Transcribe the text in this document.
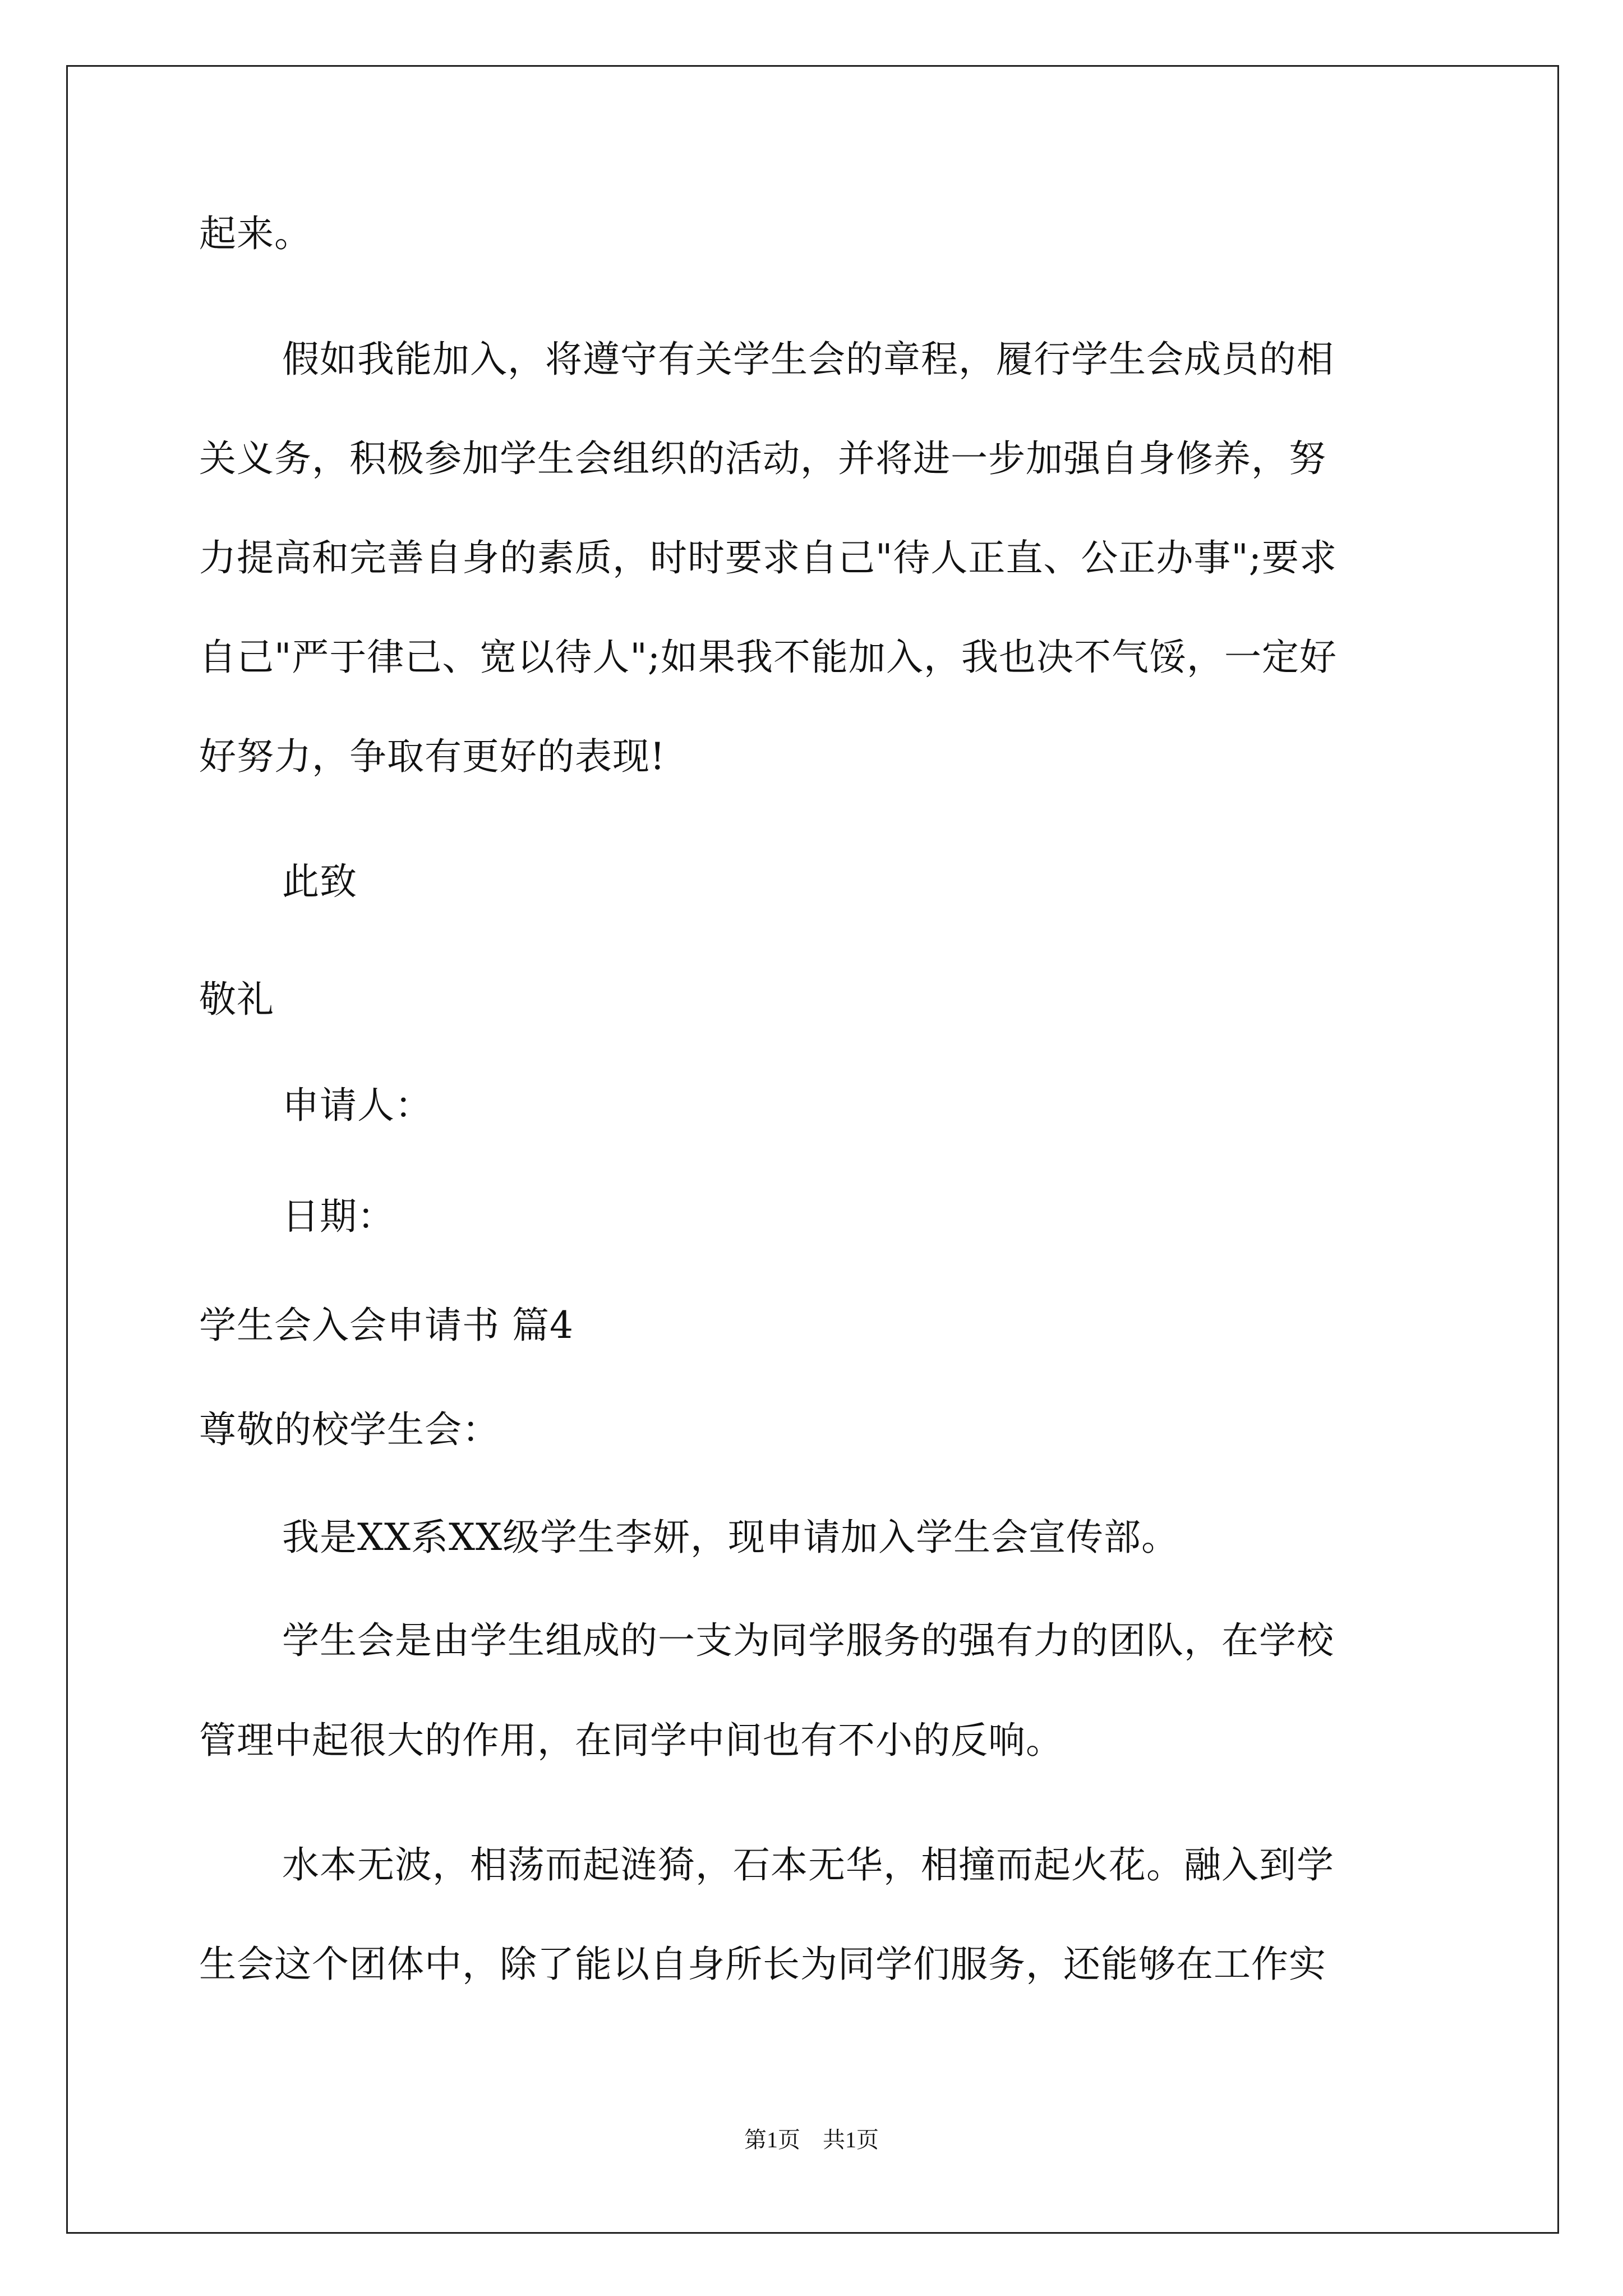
起来。
假如我能加入，将遵守有关学生会的章程，履行学生会成员的相
关义务，积极参加学生会组织的活动，并将进一步加强自身修养，努
力提高和完善自身的素质，时时要求自己"待人正直、公正办事";要求
自己"严于律己、宽以待人";如果我不能加入，我也决不气馁，一定好
好努力，争取有更好的表现!
此致
敬礼
申请人：
日期：
学生会入会申请书 篇4
尊敬的校学生会：
我是XX系XX级学生李妍，现申请加入学生会宣传部。
学生会是由学生组成的一支为同学服务的强有力的团队，在学校
管理中起很大的作用，在同学中间也有不小的反响。
水本无波，相荡而起涟猗，石本无华，相撞而起火花。融入到学
生会这个团体中，除了能以自身所长为同学们服务，还能够在工作实
第1页　共1页
